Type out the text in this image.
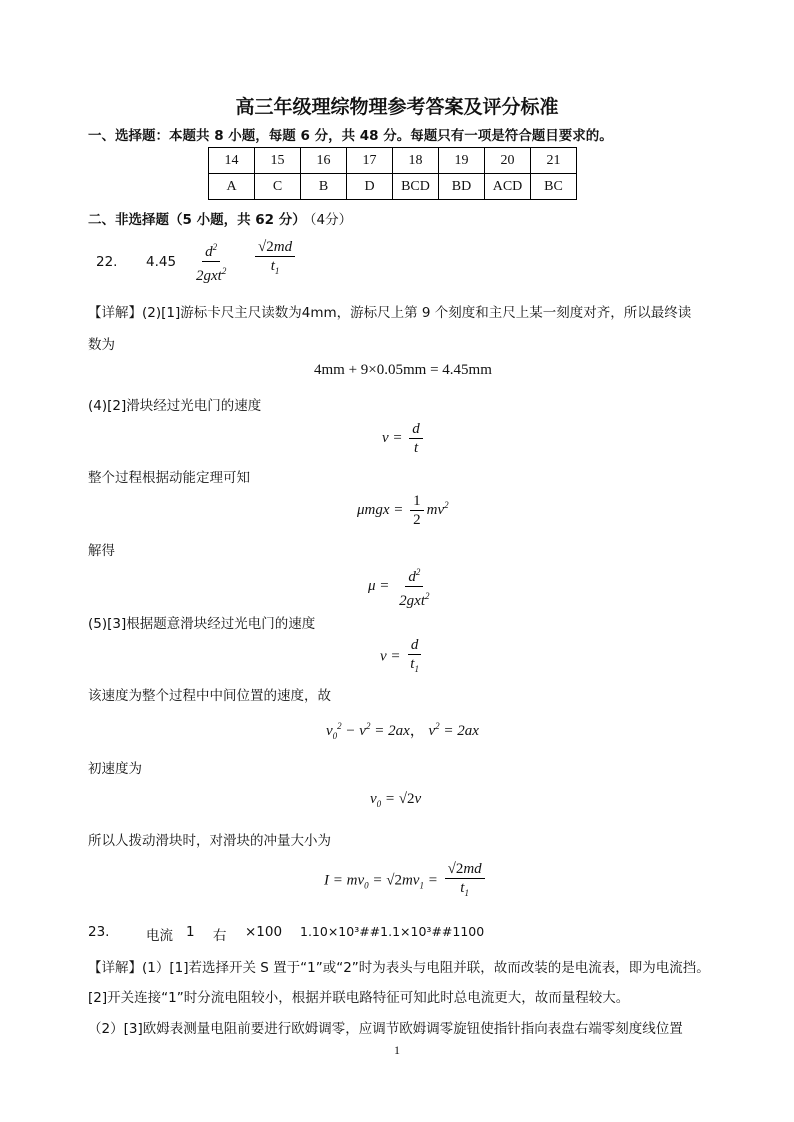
高三年级理综物理参考答案及评分标准
一、选择题：本题共 8 小题，每题 6 分，共 48 分。每题只有一项是符合题目要求的。
14	15	16	17	18	19	20	21
A	C	B	D	BCD	BD	ACD	BC
二、非选择题（5 小题，共 62 分） （4分）
22. $4.45 \frac{d^2}{2gxt^2} \frac{√2md}{t_1}$
【详解】(2)[1]游标卡尺主尺读数为4mm，游标尺上第 9 个刻度和主尺上某一刻度对齐，所以最终读
数为
4mm + 9×0.05mm = 4.45mm
(4)[2]滑块经过光电门的速度
$v = \frac{d}{t}$
整个过程根据动能定理可知
$\mu mgx = \frac{1}{2} mv^2$
解得
$\mu = \frac{d^2}{2gxt^2}$
(5)[3]根据题意滑块经过光电门的速度
$v = \frac{d}{t_1}$
该速度为整个过程中中间位置的速度，故
$v_0^2 - v^2 = 2ax$， $v^2 = 2ax$
初速度为
$v_0 = √2v$
所以人拨动滑块时，对滑块的冲量大小为
$I = mv_0 = √2mv_1 = \frac{√2md}{t_1}$
23.	电流 1 右 ×100 1.10×10³##1.1×10³##1100
【详解】(1）[1]若选择开关 S 置于“1”或“2”时为表头与电阻并联，故而改装的是电流表，即为电流挡。
[2]开关连接“1”时分流电阻较小，根据并联电路特征可知此时总电流更大，故而量程较大。
（2）[3]欧姆表测量电阻前要进行欧姆调零，应调节欧姆调零旋钮使指针指向表盘右端零刻度线位置
1
